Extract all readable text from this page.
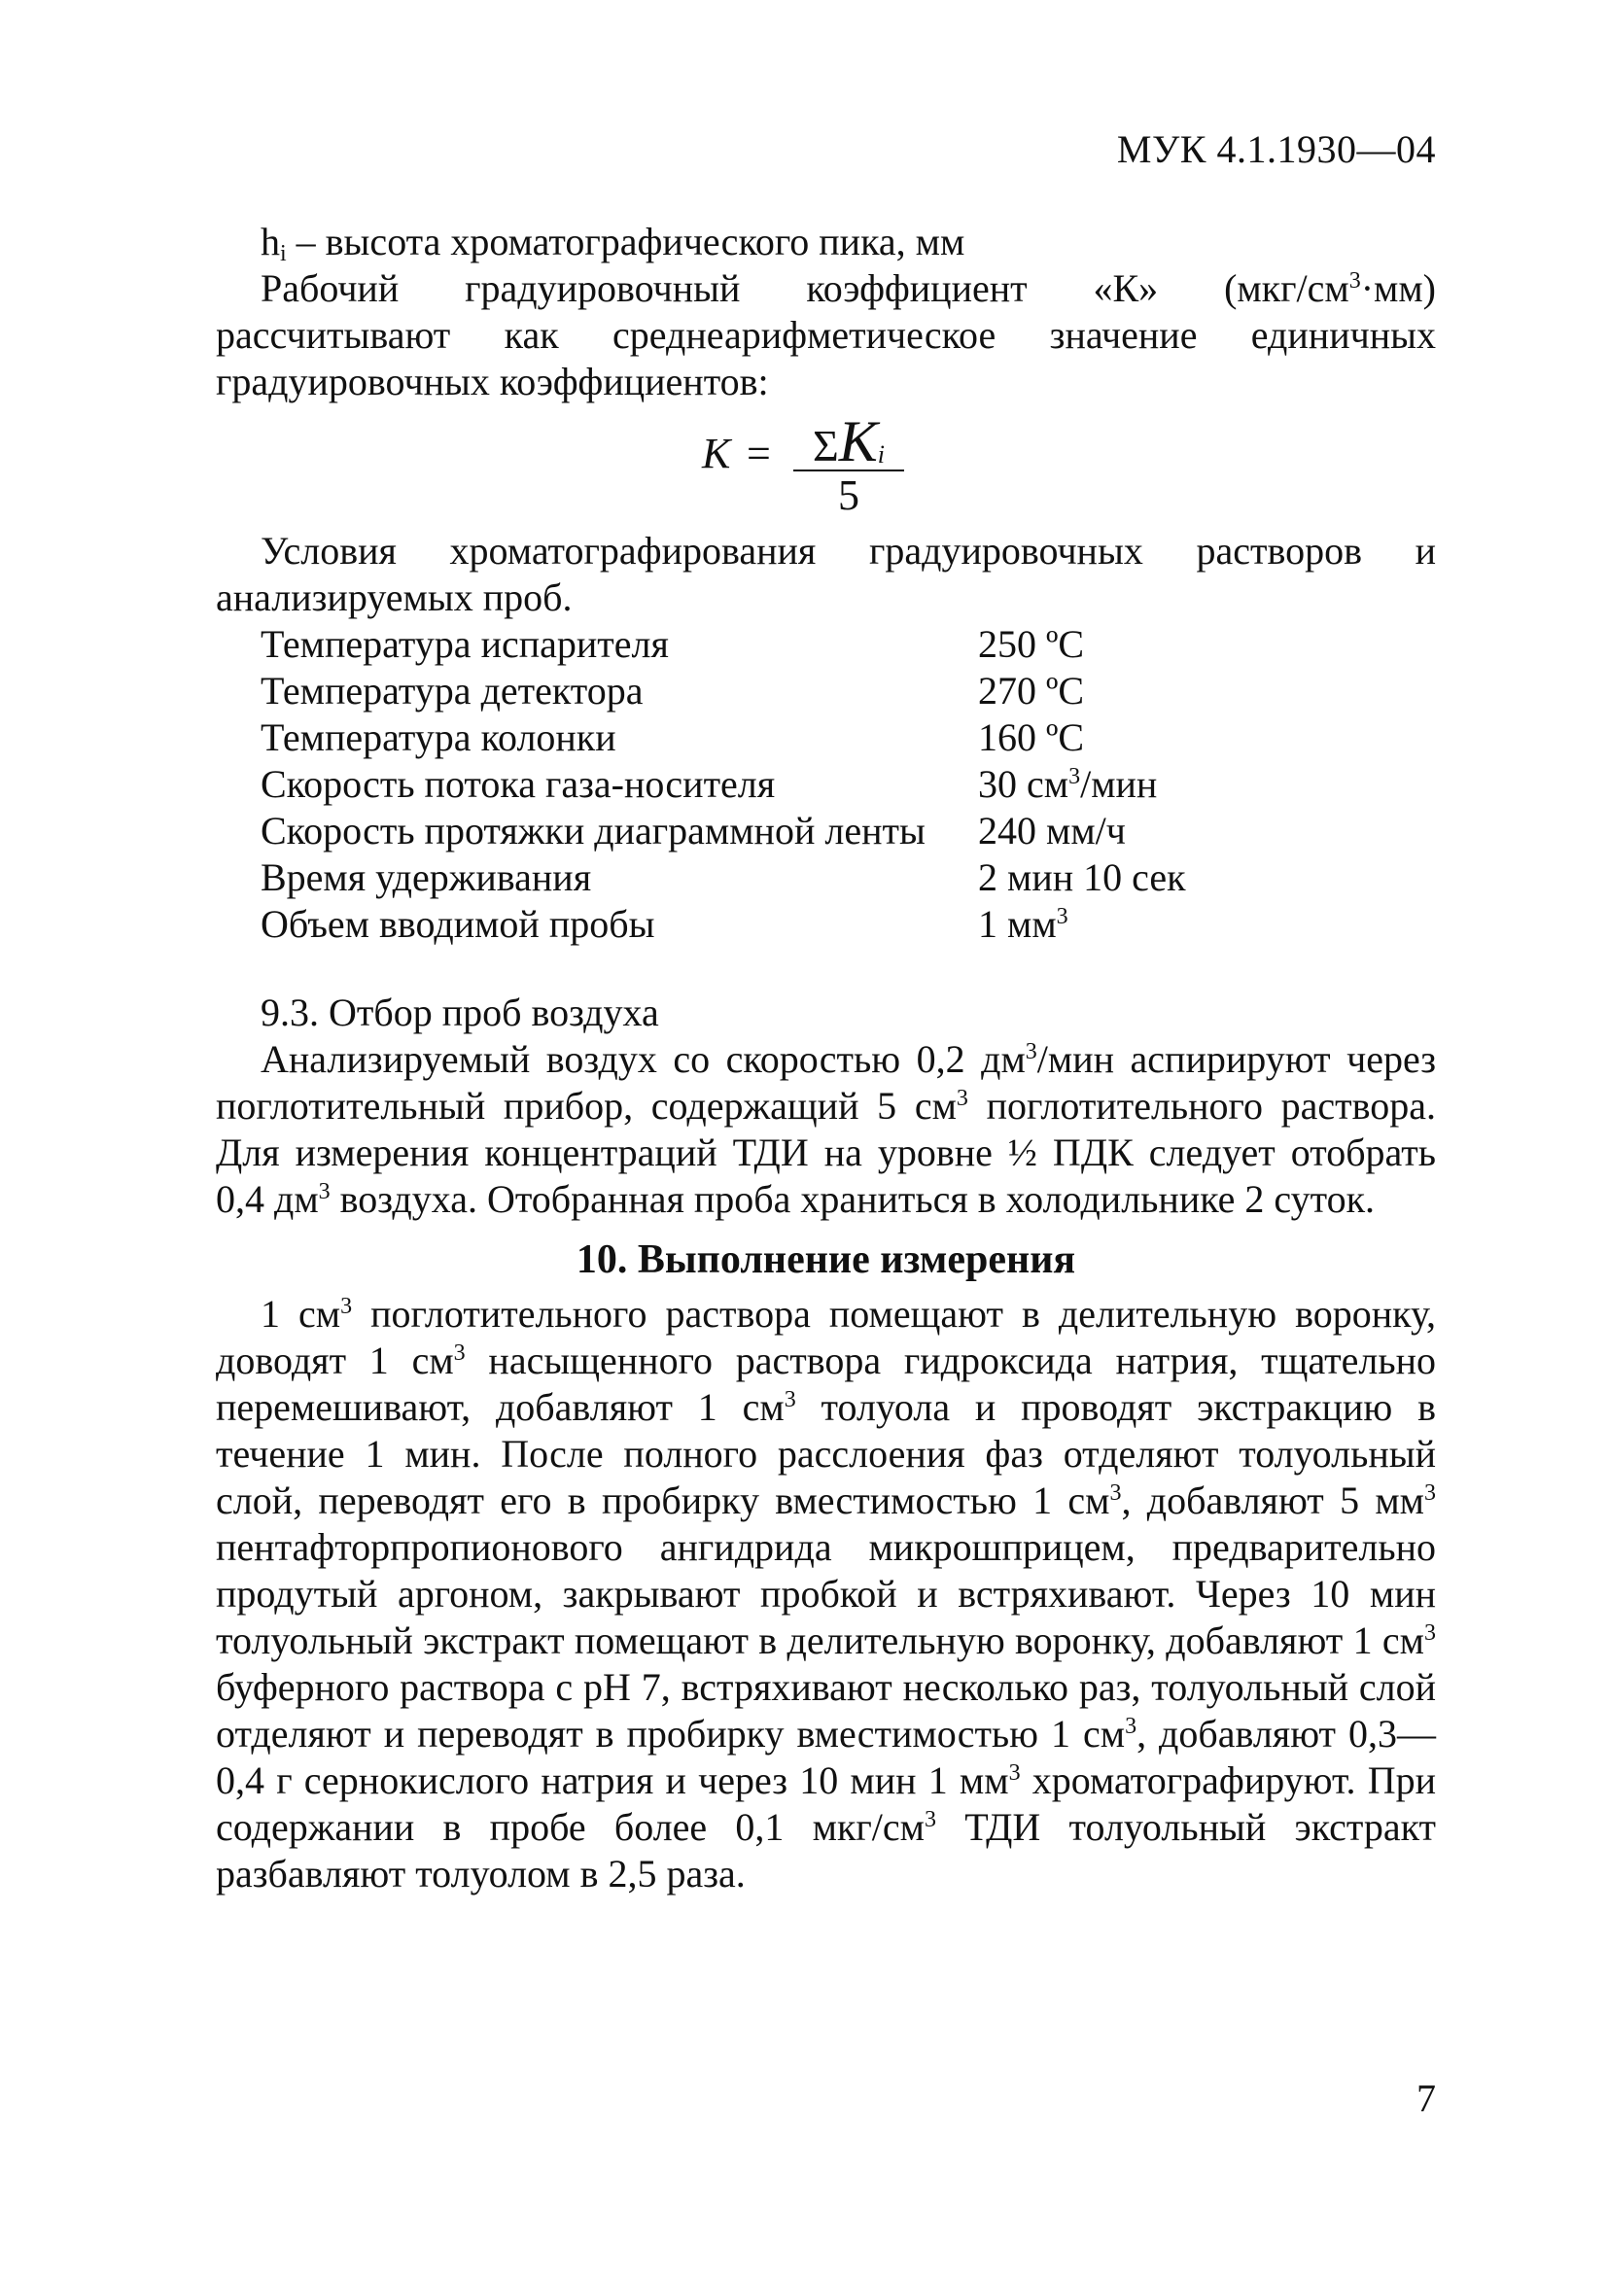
МУК 4.1.1930—04

$h_i$ – высота хроматографического пика, мм

Рабочий градуировочный коэффициент «К» $(мкг/см^3\cdot мм)$ рассчитывают как среднеарифметическое значение единичных градуировочных коэффициентов:

К = ΣKi
5

Условия хроматографирования градуировочных растворов и анализируемых проб.

Температура испарителя	250 ºС
Температура детектора	270 ºС
Температура колонки	160 ºС
Скорость потока газа-носителя	30 $см^3$/мин
Скорость протяжки диаграммной ленты	240 мм/ч
Время удерживания	2 мин 10 сек
Объем вводимой пробы	1 $мм^3$

9.3. Отбор проб воздуха

Анализируемый воздух со скоростью 0,2 $дм^3$/мин аспирируют через поглотительный прибор, содержащий 5 $см^3$ поглотительного раствора. Для измерения концентраций ТДИ на уровне ½ ПДК следует отобрать 0,4 $дм^3$ воздуха. Отобранная проба храниться в холодильнике 2 суток.

10. Выполнение измерения

1 $см^3$ поглотительного раствора помещают в делительную воронку, доводят 1 $см^3$ насыщенного раствора гидроксида натрия, тщательно перемешивают, добавляют 1 $см^3$ толуола и проводят экстракцию в течение 1 мин. После полного расслоения фаз отделяют толуольный слой, переводят его в пробирку вместимостью 1 $см^3$, добавляют 5 $мм^3$ пентафторпропионового ангидрида микрошприцем, предварительно продутый аргоном, закрывают пробкой и встряхивают. Через 10 мин толуольный экстракт помещают в делительную воронку, добавляют 1 $см^3$ буферного раствора с рН 7, встряхивают несколько раз, толуольный слой отделяют и переводят в пробирку вместимостью 1 $см^3$, добавляют 0,3—0,4 г сернокислого натрия и через 10 мин 1 $мм^3$ хроматографируют. При содержании в пробе более 0,1 мкг/$см^3$ ТДИ толуольный экстракт разбавляют толуолом в 2,5 раза.

7
